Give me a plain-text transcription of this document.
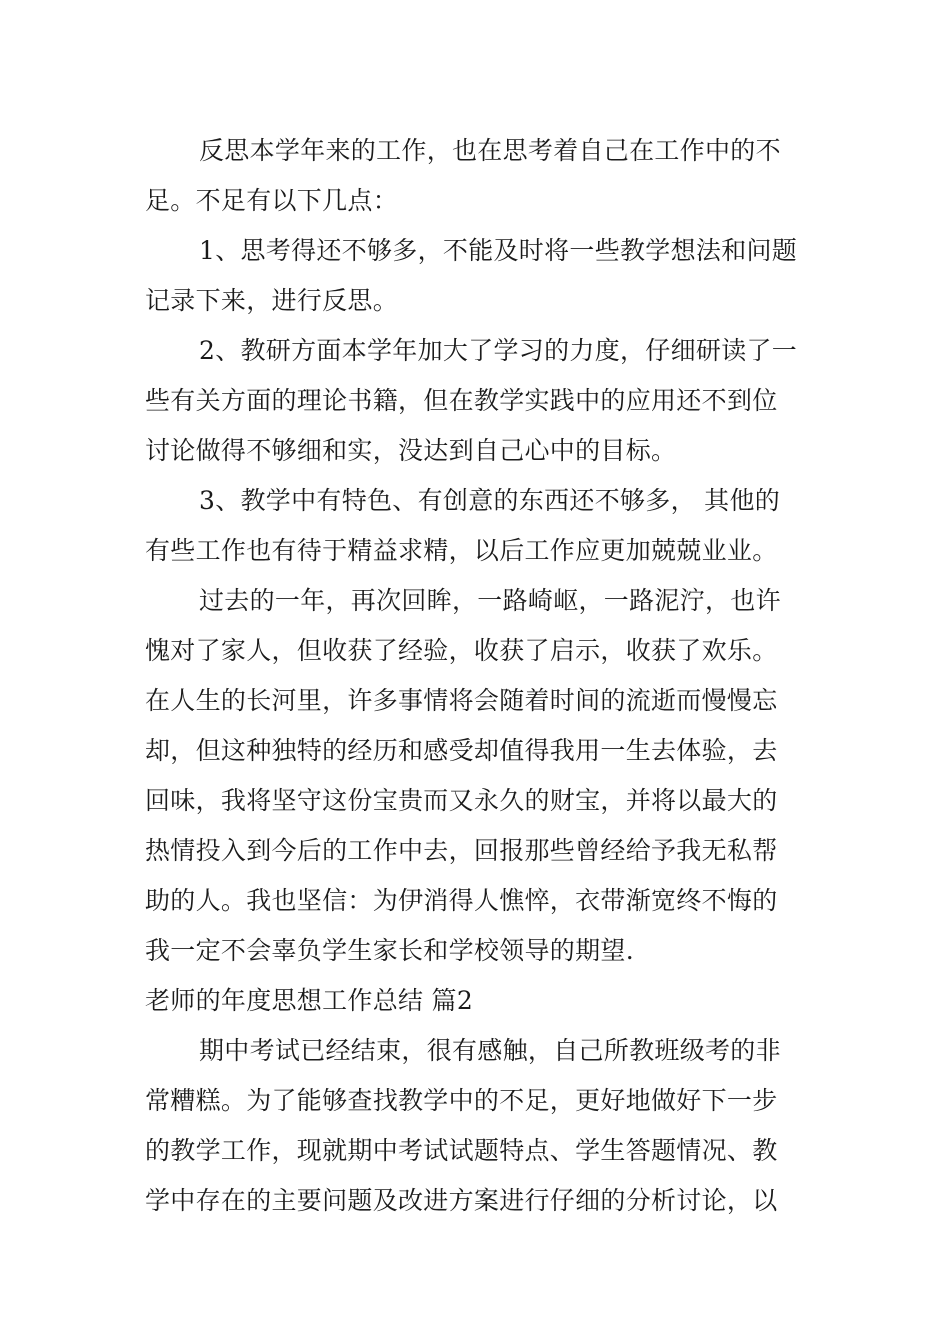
反思本学年来的工作，也在思考着自己在工作中的不
足。不足有以下几点：
1、思考得还不够多，不能及时将一些教学想法和问题
记录下来，进行反思。
2、教研方面本学年加大了学习的力度，仔细研读了一
些有关方面的理论书籍，但在教学实践中的应用还不到位
讨论做得不够细和实，没达到自己心中的目标。
3、教学中有特色、有创意的东西还不够多， 其他的
有些工作也有待于精益求精，以后工作应更加兢兢业业。
过去的一年，再次回眸，一路崎岖，一路泥泞，也许
愧对了家人，但收获了经验，收获了启示，收获了欢乐。
在人生的长河里，许多事情将会随着时间的流逝而慢慢忘
却，但这种独特的经历和感受却值得我用一生去体验，去
回味，我将坚守这份宝贵而又永久的财宝，并将以最大的
热情投入到今后的工作中去，回报那些曾经给予我无私帮
助的人。我也坚信：为伊消得人憔悴，衣带渐宽终不悔的
我一定不会辜负学生家长和学校领导的期望.
老师的年度思想工作总结 篇2
期中考试已经结束，很有感触，自己所教班级考的非
常糟糕。为了能够查找教学中的不足，更好地做好下一步
的教学工作，现就期中考试试题特点、学生答题情况、教
学中存在的主要问题及改进方案进行仔细的分析讨论，以
